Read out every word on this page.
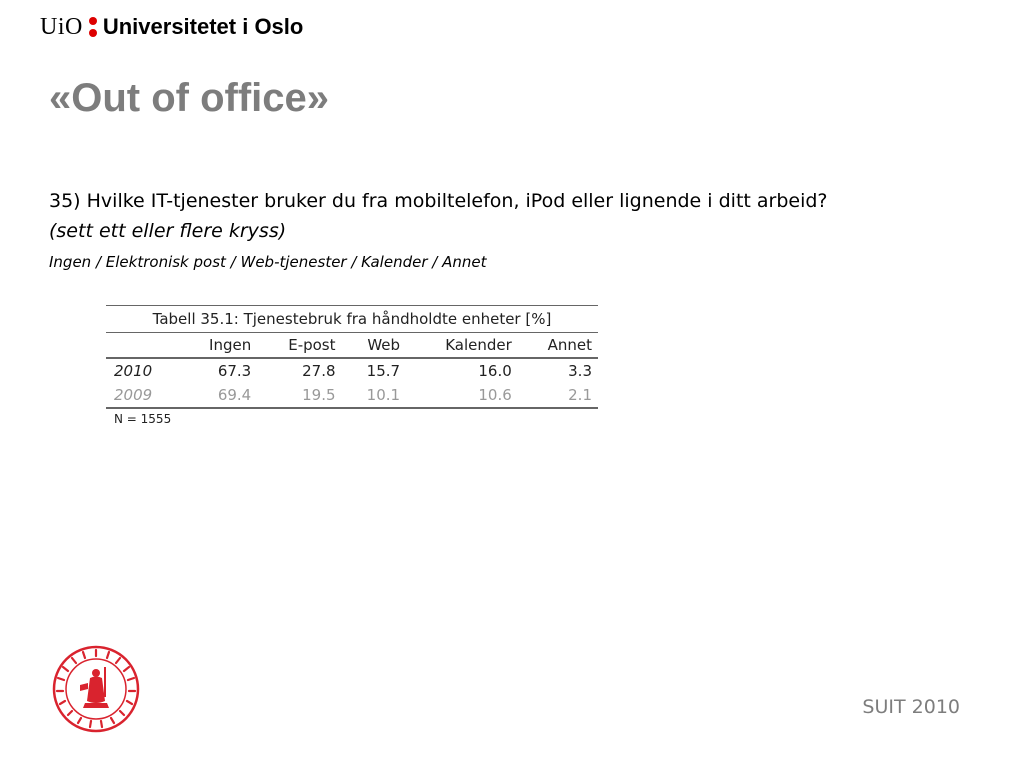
UiO Universitetet i Oslo
«Out of office»
35) Hvilke IT-tjenester bruker du fra mobiltelefon, iPod eller lignende i ditt arbeid?
(sett ett eller flere kryss)
Ingen / Elektronisk post / Web-tjenester / Kalender / Annet
Tabell 35.1: Tjenestebruk fra håndholdte enheter [%]
	Ingen	E-post	Web	Kalender	Annet
2010	67.3	27.8	15.7	16.0	3.3
2009	69.4	19.5	10.1	10.6	2.1
N = 1555
SUIT 2010
